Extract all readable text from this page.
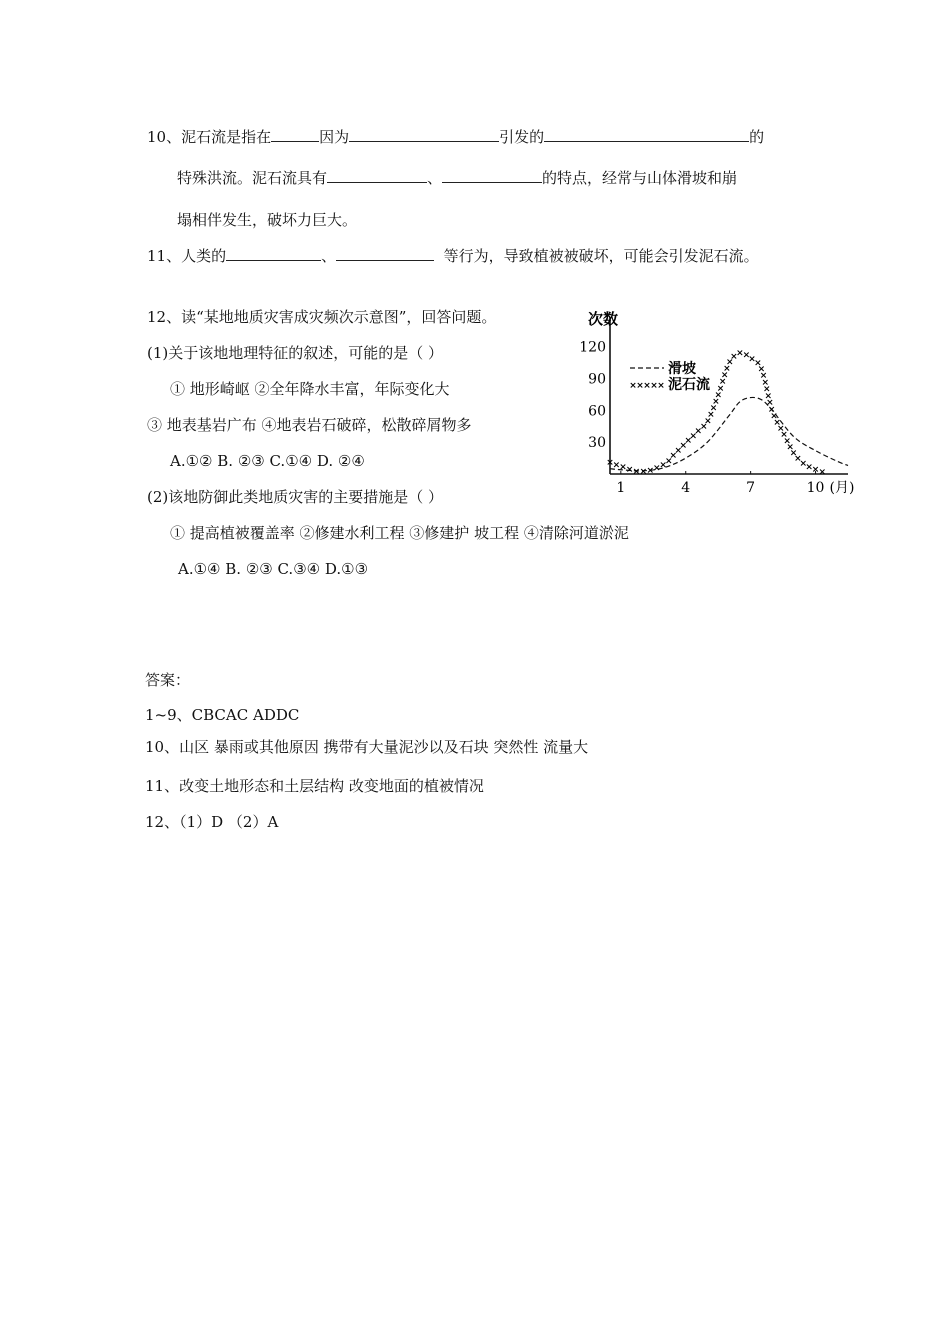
10、泥石流是指在	因为	引发的	的
特殊洪流。泥石流具有	、	的特点，经常与山体滑坡和崩
塌相伴发生，破坏力巨大。
11、人类的	、	等行为，导致植被被破坏，可能会引发泥石流。
12、读“某地地质灾害成灾频次示意图”，回答问题。
(1)关于该地地理特征的叙述，可能的是（ ）
① 地形崎岖 ②全年降水丰富，年际变化大
③ 地表基岩广布 ④地表岩石破碎，松散碎屑物多
A.①② B. ②③ C.①④ D. ②④
(2)该地防御此类地质灾害的主要措施是（ ）
① 提高植被覆盖率 ②修建水利工程 ③修建护 坡工程 ④清除河道淤泥
A.①④ B. ②③ C.③④ D.①③
次数
30
60
90
120
1	4	7	10 (月)
×
× × × × × × ×
×
×
×
×
×
×
×
×
×
×
×
×
×
×
×
×
×
×
×
×
×
×
×
×
×
×
×
×
×
×
×
×
×
×
×
×
×
×
×
×
×
× ×
滑坡
× × × × × 泥石流
答案：
1~9、CBCAC ADDC
10、山区 暴雨或其他原因 携带有大量泥沙以及石块 突然性 流量大
11、改变土地形态和土层结构 改变地面的植被情况
12、（1）D （2）A
